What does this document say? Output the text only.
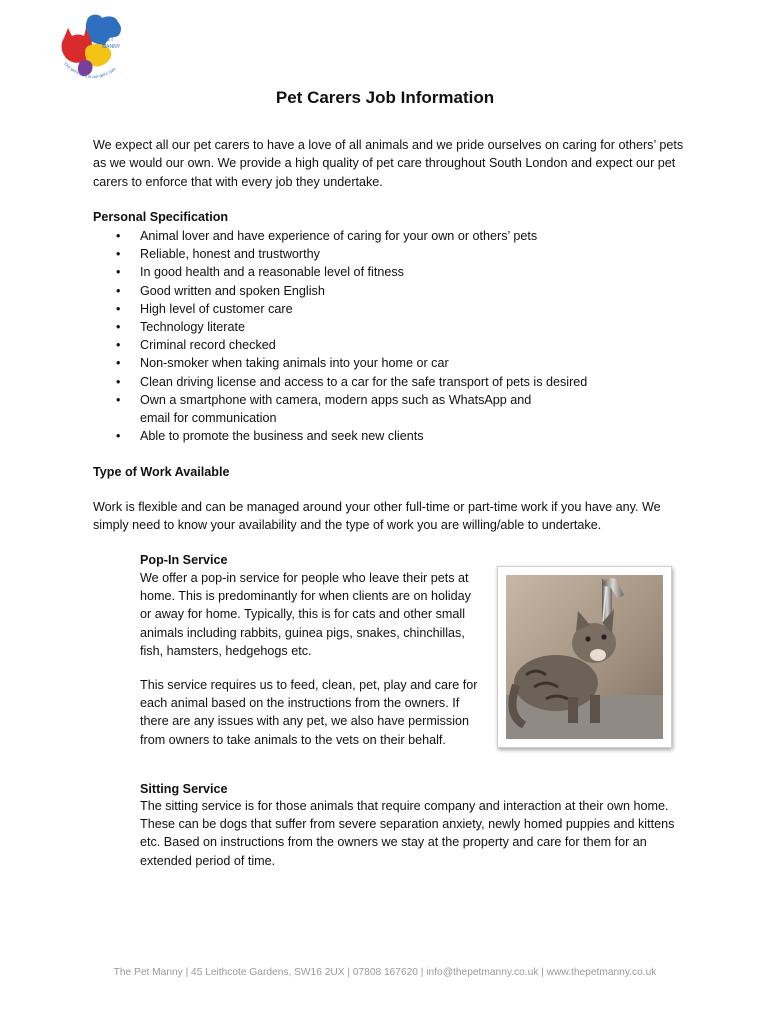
THE
PET
MANNY
Our pet's care is our pet's care
Pet Carers Job Information

We expect all our pet carers to have a love of all animals and we pride ourselves on caring for others’ pets as we would our own. We provide a high quality of pet care throughout South London and expect our pet carers to enforce that with every job they undertake.

Personal Specification
• Animal lover and have experience of caring for your own or others’ pets
• Reliable, honest and trustworthy
• In good health and a reasonable level of fitness
• Good written and spoken English
• High level of customer care
• Technology literate
• Criminal record checked
• Non-smoker when taking animals into your home or car
• Clean driving license and access to a car for the safe transport of pets is desired
• Own a smartphone with camera, modern apps such as WhatsApp and email for communication
• Able to promote the business and seek new clients
Type of Work Available

Work is flexible and can be managed around your other full-time or part-time work if you have any. We simply need to know your availability and the type of work you are willing/able to undertake.

Pop-In Service

We offer a pop-in service for people who leave their pets at home. This is predominantly for when clients are on holiday or away for home. Typically, this is for cats and other small animals including rabbits, guinea pigs, snakes, chinchillas, fish, hamsters, hedgehogs etc.

This service requires us to feed, clean, pet, play and care for each animal based on the instructions from the owners. If there are any issues with any pet, we also have permission from owners to take animals to the vets on their behalf.

Sitting Service

The sitting service is for those animals that require company and interaction at their own home. These can be dogs that suffer from severe separation anxiety, newly homed puppies and kittens etc. Based on instructions from the owners we stay at the property and care for them for an extended period of time.

The Pet Manny | 45 Leithcote Gardens, SW16 2UX | 07808 167620 | info@thepetmanny.co.uk | www.thepetmanny.co.uk
